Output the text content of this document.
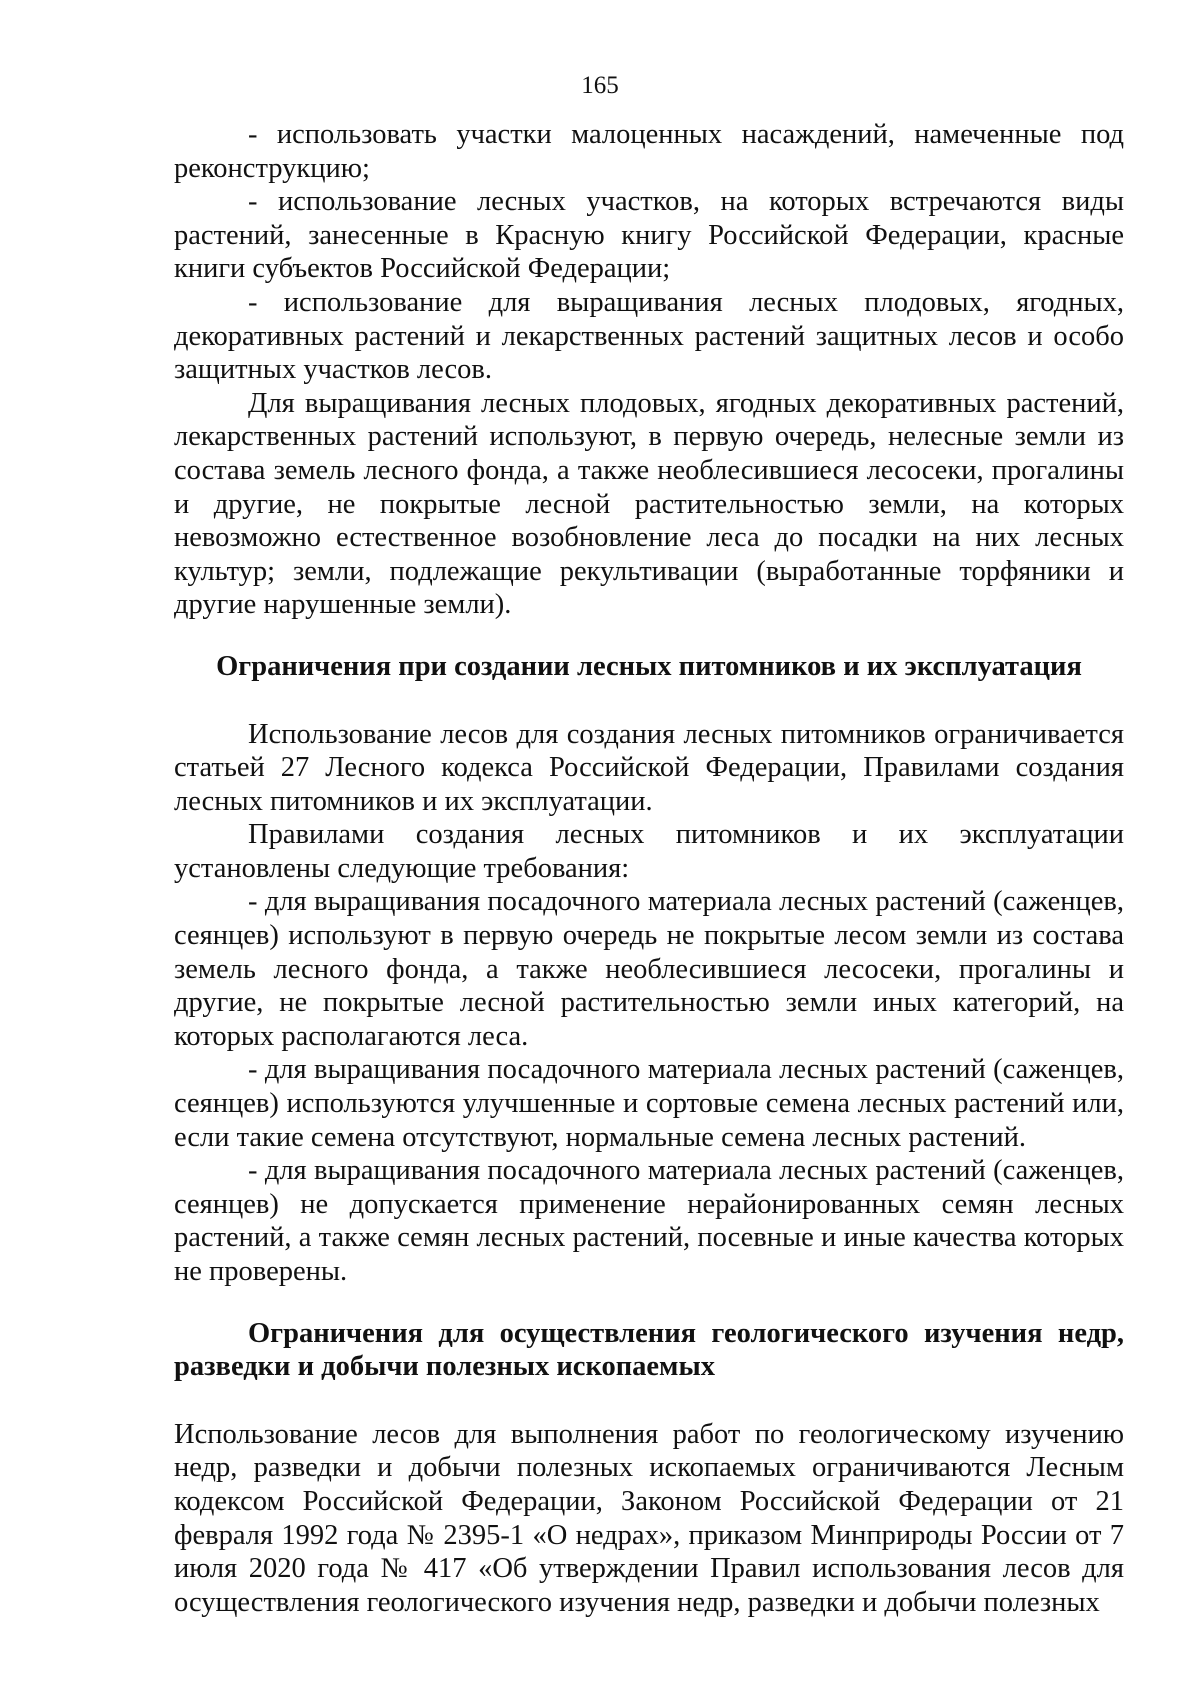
165

- использовать участки малоценных насаждений, намеченные под реконструкцию;

- использование лесных участков, на которых встречаются виды растений, занесенные в Красную книгу Российской Федерации, красные книги субъектов Российской Федерации;

- использование для выращивания лесных плодовых, ягодных, декоративных растений и лекарственных растений защитных лесов и особо защитных участков лесов.

Для выращивания лесных плодовых, ягодных декоративных растений, лекарственных растений используют, в первую очередь, нелесные земли из состава земель лесного фонда, а также необлесившиеся лесосеки, прогалины и другие, не покрытые лесной растительностью земли, на которых невозможно естественное возобновление леса до посадки на них лесных культур; земли, подлежащие рекультивации (выработанные торфяники и другие нарушенные земли).

Ограничения при создании лесных питомников и их эксплуатация

Использование лесов для создания лесных питомников ограничивается статьей 27 Лесного кодекса Российской Федерации, Правилами создания лесных питомников и их эксплуатации.

Правилами создания лесных питомников и их эксплуатации установлены следующие требования:

- для выращивания посадочного материала лесных растений (саженцев, сеянцев) используют в первую очередь не покрытые лесом земли из состава земель лесного фонда, а также необлесившиеся лесосеки, прогалины и другие, не покрытые лесной растительностью земли иных категорий, на которых располагаются леса.

- для выращивания посадочного материала лесных растений (саженцев, сеянцев) используются улучшенные и сортовые семена лесных растений или, если такие семена отсутствуют, нормальные семена лесных растений.

- для выращивания посадочного материала лесных растений (саженцев, сеянцев) не допускается применение нерайонированных семян лесных растений, а также семян лесных растений, посевные и иные качества которых не проверены.

Ограничения для осуществления геологического изучения недр, разведки и добычи полезных ископаемых

Использование лесов для выполнения работ по геологическому изучению недр, разведки и добычи полезных ископаемых ограничиваются Лесным кодексом Российской Федерации, Законом Российской Федерации от 21 февраля 1992 года № 2395-1 «О недрах», приказом Минприроды России от 7 июля 2020 года № 417 «Об утверждении Правил использования лесов для осуществления геологического изучения недр, разведки и добычи полезных
